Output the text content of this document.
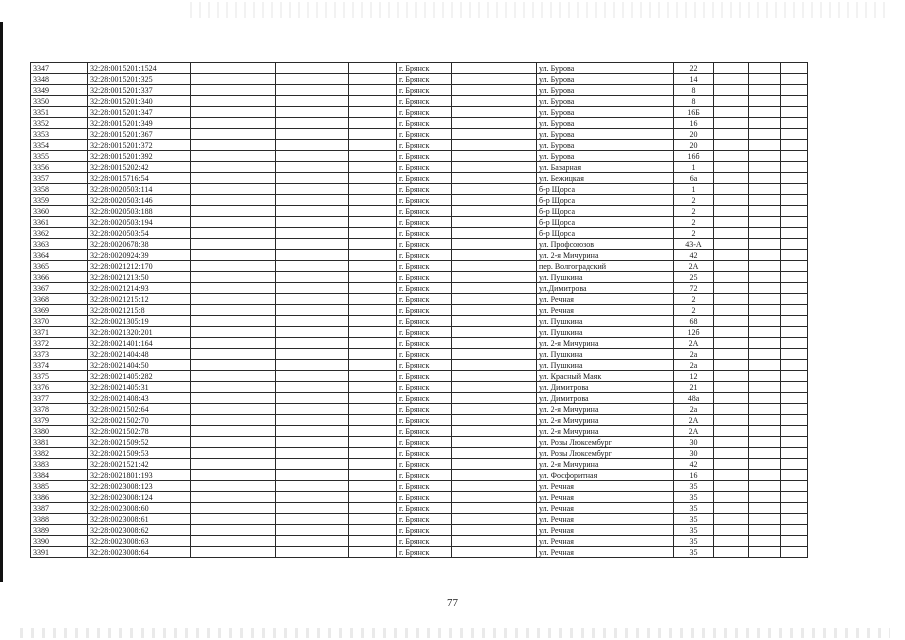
3347	32:28:0015201:1524				г. Брянск		ул. Бурова	22			
3348	32:28:0015201:325				г. Брянск		ул. Бурова	14			
3349	32:28:0015201:337				г. Брянск		ул. Бурова	8			
3350	32:28:0015201:340				г. Брянск		ул. Бурова	8			
3351	32:28:0015201:347				г. Брянск		ул. Бурова	16Б			
3352	32:28:0015201:349				г. Брянск		ул. Бурова	16			
3353	32:28:0015201:367				г. Брянск		ул. Бурова	20			
3354	32:28:0015201:372				г. Брянск		ул. Бурова	20			
3355	32:28:0015201:392				г. Брянск		ул. Бурова	16б			
3356	32:28:0015202:42				г. Брянск		ул. Базарная	1			
3357	32:28:0015716:54				г. Брянск		ул. Бежицкая	6а			
3358	32:28:0020503:114				г. Брянск		б-р Щорса	1			
3359	32:28:0020503:146				г. Брянск		б-р Щорса	2			
3360	32:28:0020503:188				г. Брянск		б-р Щорса	2			
3361	32:28:0020503:194				г. Брянск		б-р Щорса	2			
3362	32:28:0020503:54				г. Брянск		б-р Щорса	2			
3363	32:28:0020678:38				г. Брянск		ул. Профсоюзов	43-А			
3364	32:28:0020924:39				г. Брянск		ул. 2-я Мичурина	42			
3365	32:28:0021212:170				г. Брянск		пер. Волгоградский	2А			
3366	32:28:0021213:50				г. Брянск		ул. Пушкина	25			
3367	32:28:0021214:93				г. Брянск		ул.Димитрова	72			
3368	32:28:0021215:12				г. Брянск		ул. Речная	2			
3369	32:28:0021215:8				г. Брянск		ул. Речная	2			
3370	32:28:0021305:19				г. Брянск		ул. Пушкина	68			
3371	32:28:0021320:201				г. Брянск		ул. Пушкина	12б			
3372	32:28:0021401:164				г. Брянск		ул. 2-я Мичурина	2А			
3373	32:28:0021404:48				г. Брянск		ул. Пушкина	2а			
3374	32:28:0021404:50				г. Брянск		ул. Пушкина	2а			
3375	32:28:0021405:282				г. Брянск		ул. Красный Маяк	12			
3376	32:28:0021405:31				г. Брянск		ул. Димитрова	21			
3377	32:28:0021408:43				г. Брянск		ул. Димитрова	48а			
3378	32:28:0021502:64				г. Брянск		ул. 2-я Мичурина	2а			
3379	32:28:0021502:70				г. Брянск		ул. 2-я Мичурина	2А			
3380	32:28:0021502:78				г. Брянск		ул. 2-я Мичурина	2А			
3381	32:28:0021509:52				г. Брянск		ул. Розы Люксембург	30			
3382	32:28:0021509:53				г. Брянск		ул. Розы Люксембург	30			
3383	32:28:0021521:42				г. Брянск		ул. 2-я Мичурина	42			
3384	32:28:0021801:193				г. Брянск		ул. Фосфоритная	16			
3385	32:28:0023008:123				г. Брянск		ул. Речная	35			
3386	32:28:0023008:124				г. Брянск		ул. Речная	35			
3387	32:28:0023008:60				г. Брянск		ул. Речная	35			
3388	32:28:0023008:61				г. Брянск		ул. Речная	35			
3389	32:28:0023008:62				г. Брянск		ул. Речная	35			
3390	32:28:0023008:63				г. Брянск		ул. Речная	35			
3391	32:28:0023008:64				г. Брянск		ул. Речная	35			
77
